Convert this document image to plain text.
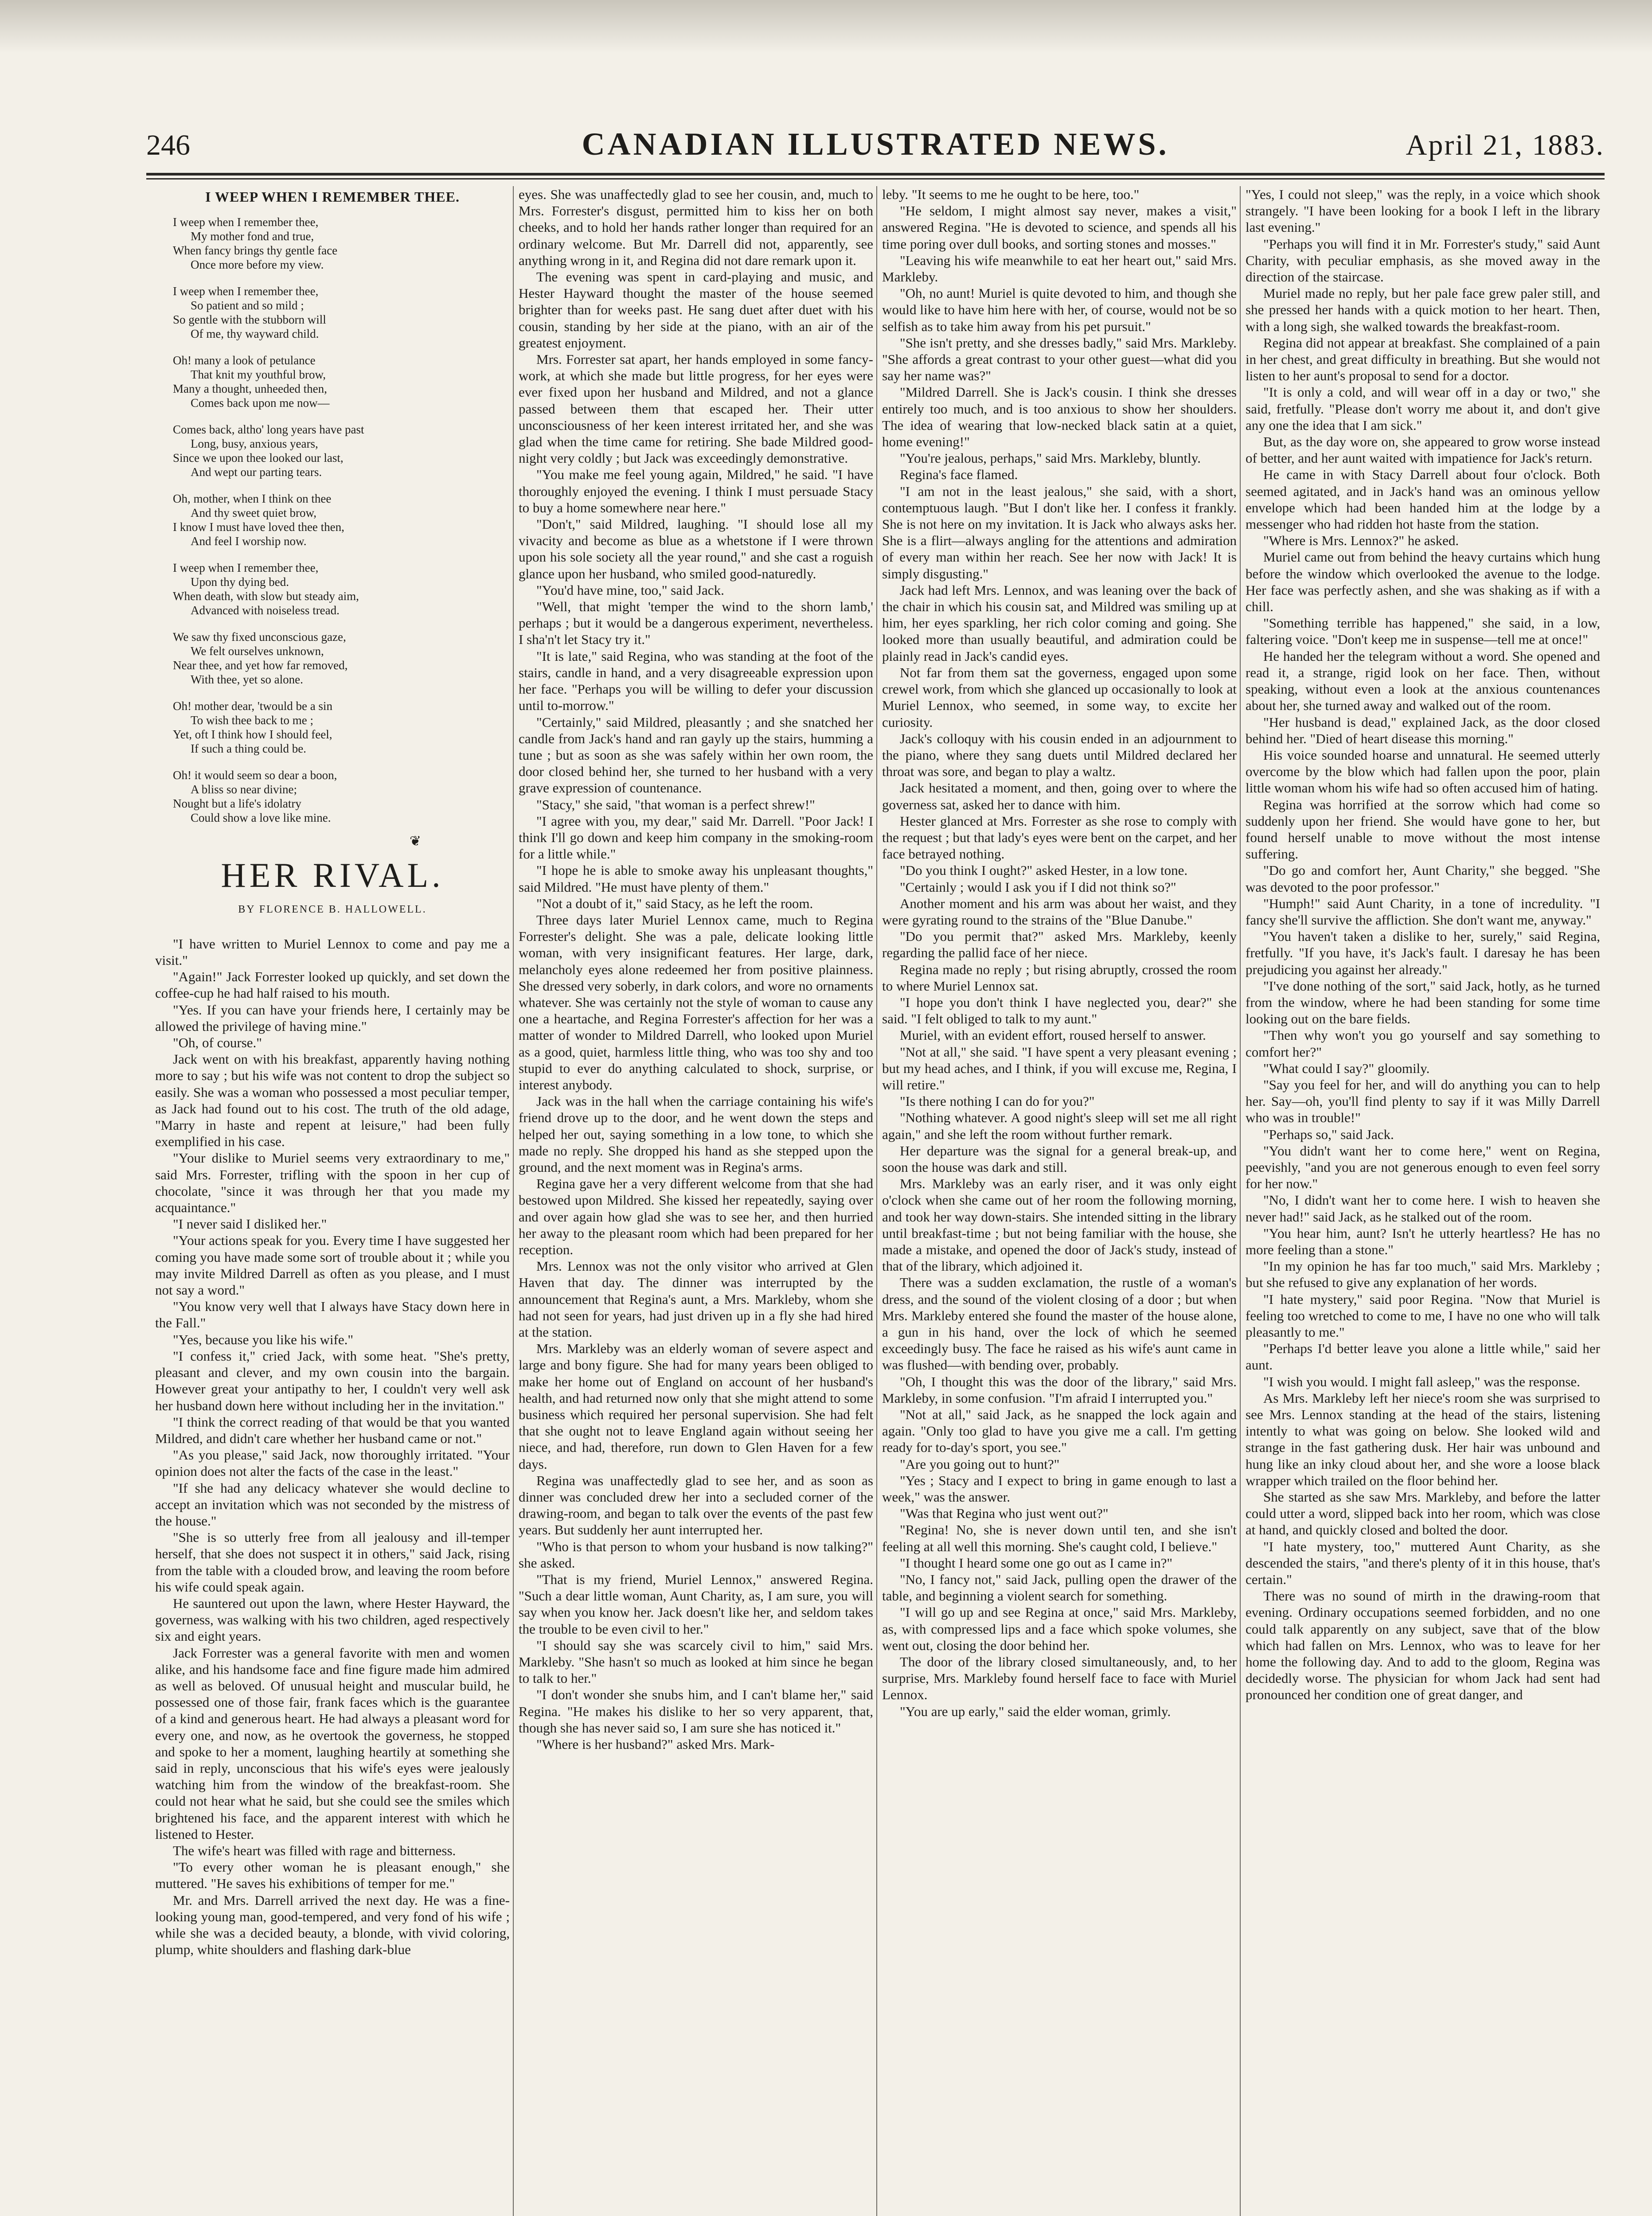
246	CANADIAN ILLUSTRATED NEWS.	April 21, 1883.
I WEEP WHEN I REMEMBER THEE.
I weep when I remember thee,
My mother fond and true,
When fancy brings thy gentle face
Once more before my view.
I weep when I remember thee,
So patient and so mild ;
So gentle with the stubborn will
Of me, thy wayward child.
Oh! many a look of petulance
That knit my youthful brow,
Many a thought, unheeded then,
Comes back upon me now—
Comes back, altho' long years have past
Long, busy, anxious years,
Since we upon thee looked our last,
And wept our parting tears.
Oh, mother, when I think on thee
And thy sweet quiet brow,
I know I must have loved thee then,
And feel I worship now.
I weep when I remember thee,
Upon thy dying bed.
When death, with slow but steady aim,
Advanced with noiseless tread.
We saw thy fixed unconscious gaze,
We felt ourselves unknown,
Near thee, and yet how far removed,
With thee, yet so alone.
Oh! mother dear, 'twould be a sin
To wish thee back to me ;
Yet, oft I think how I should feel,
If such a thing could be.
Oh! it would seem so dear a boon,
A bliss so near divine;
Nought but a life's idolatry
Could show a love like mine.
❦
HER RIVAL.
BY FLORENCE B. HALLOWELL.

"I have written to Muriel Lennox to come and pay me a visit."

"Again!" Jack Forrester looked up quickly, and set down the coffee-cup he had half raised to his mouth.

"Yes. If you can have your friends here, I certainly may be allowed the privilege of having mine."

"Oh, of course."

Jack went on with his breakfast, apparently having nothing more to say ; but his wife was not content to drop the subject so easily. She was a woman who possessed a most peculiar temper, as Jack had found out to his cost. The truth of the old adage, "Marry in haste and repent at leisure," had been fully exemplified in his case.

"Your dislike to Muriel seems very extraordinary to me," said Mrs. Forrester, trifling with the spoon in her cup of chocolate, "since it was through her that you made my acquaintance."

"I never said I disliked her."

"Your actions speak for you. Every time I have suggested her coming you have made some sort of trouble about it ; while you may invite Mildred Darrell as often as you please, and I must not say a word."

"You know very well that I always have Stacy down here in the Fall."

"Yes, because you like his wife."

"I confess it," cried Jack, with some heat. "She's pretty, pleasant and clever, and my own cousin into the bargain. However great your antipathy to her, I couldn't very well ask her husband down here without including her in the invitation."

"I think the correct reading of that would be that you wanted Mildred, and didn't care whether her husband came or not."

"As you please," said Jack, now thoroughly irritated. "Your opinion does not alter the facts of the case in the least."

"If she had any delicacy whatever she would decline to accept an invitation which was not seconded by the mistress of the house."

"She is so utterly free from all jealousy and ill-temper herself, that she does not suspect it in others," said Jack, rising from the table with a clouded brow, and leaving the room before his wife could speak again.

He sauntered out upon the lawn, where Hester Hayward, the governess, was walking with his two children, aged respectively six and eight years.

Jack Forrester was a general favorite with men and women alike, and his handsome face and fine figure made him admired as well as beloved. Of unusual height and muscular build, he possessed one of those fair, frank faces which is the guarantee of a kind and generous heart. He had always a pleasant word for every one, and now, as he overtook the governess, he stopped and spoke to her a moment, laughing heartily at something she said in reply, unconscious that his wife's eyes were jealously watching him from the window of the breakfast-room. She could not hear what he said, but she could see the smiles which brightened his face, and the apparent interest with which he listened to Hester.

The wife's heart was filled with rage and bitterness.

"To every other woman he is pleasant enough," she muttered. "He saves his exhibitions of temper for me."

Mr. and Mrs. Darrell arrived the next day. He was a fine-looking young man, good-tempered, and very fond of his wife ; while she was a decided beauty, a blonde, with vivid coloring, plump, white shoulders and flashing dark-blue

eyes. She was unaffectedly glad to see her cousin, and, much to Mrs. Forrester's disgust, permitted him to kiss her on both cheeks, and to hold her hands rather longer than required for an ordinary welcome. But Mr. Darrell did not, apparently, see anything wrong in it, and Regina did not dare remark upon it.

The evening was spent in card-playing and music, and Hester Hayward thought the master of the house seemed brighter than for weeks past. He sang duet after duet with his cousin, standing by her side at the piano, with an air of the greatest enjoyment.

Mrs. Forrester sat apart, her hands employed in some fancy-work, at which she made but little progress, for her eyes were ever fixed upon her husband and Mildred, and not a glance passed between them that escaped her. Their utter unconsciousness of her keen interest irritated her, and she was glad when the time came for retiring. She bade Mildred good-night very coldly ; but Jack was exceedingly demonstrative.

"You make me feel young again, Mildred," he said. "I have thoroughly enjoyed the evening. I think I must persuade Stacy to buy a home somewhere near here."

"Don't," said Mildred, laughing. "I should lose all my vivacity and become as blue as a whetstone if I were thrown upon his sole society all the year round," and she cast a roguish glance upon her husband, who smiled good-naturedly.

"You'd have mine, too," said Jack.

"Well, that might 'temper the wind to the shorn lamb,' perhaps ; but it would be a dangerous experiment, nevertheless. I sha'n't let Stacy try it."

"It is late," said Regina, who was standing at the foot of the stairs, candle in hand, and a very disagreeable expression upon her face. "Perhaps you will be willing to defer your discussion until to-morrow."

"Certainly," said Mildred, pleasantly ; and she snatched her candle from Jack's hand and ran gayly up the stairs, humming a tune ; but as soon as she was safely within her own room, the door closed behind her, she turned to her husband with a very grave expression of countenance.

"Stacy," she said, "that woman is a perfect shrew!"

"I agree with you, my dear," said Mr. Darrell. "Poor Jack! I think I'll go down and keep him company in the smoking-room for a little while."

"I hope he is able to smoke away his unpleasant thoughts," said Mildred. "He must have plenty of them."

"Not a doubt of it," said Stacy, as he left the room.

Three days later Muriel Lennox came, much to Regina Forrester's delight. She was a pale, delicate looking little woman, with very insignificant features. Her large, dark, melancholy eyes alone redeemed her from positive plainness. She dressed very soberly, in dark colors, and wore no ornaments whatever. She was certainly not the style of woman to cause any one a heartache, and Regina Forrester's affection for her was a matter of wonder to Mildred Darrell, who looked upon Muriel as a good, quiet, harmless little thing, who was too shy and too stupid to ever do anything calculated to shock, surprise, or interest anybody.

Jack was in the hall when the carriage containing his wife's friend drove up to the door, and he went down the steps and helped her out, saying something in a low tone, to which she made no reply. She dropped his hand as she stepped upon the ground, and the next moment was in Regina's arms.

Regina gave her a very different welcome from that she had bestowed upon Mildred. She kissed her repeatedly, saying over and over again how glad she was to see her, and then hurried her away to the pleasant room which had been prepared for her reception.

Mrs. Lennox was not the only visitor who arrived at Glen Haven that day. The dinner was interrupted by the announcement that Regina's aunt, a Mrs. Markleby, whom she had not seen for years, had just driven up in a fly she had hired at the station.

Mrs. Markleby was an elderly woman of severe aspect and large and bony figure. She had for many years been obliged to make her home out of England on account of her husband's health, and had returned now only that she might attend to some business which required her personal supervision. She had felt that she ought not to leave England again without seeing her niece, and had, therefore, run down to Glen Haven for a few days.

Regina was unaffectedly glad to see her, and as soon as dinner was concluded drew her into a secluded corner of the drawing-room, and began to talk over the events of the past few years. But suddenly her aunt interrupted her.

"Who is that person to whom your husband is now talking?" she asked.

"That is my friend, Muriel Lennox," answered Regina. "Such a dear little woman, Aunt Charity, as, I am sure, you will say when you know her. Jack doesn't like her, and seldom takes the trouble to be even civil to her."

"I should say she was scarcely civil to him," said Mrs. Markleby. "She hasn't so much as looked at him since he began to talk to her."

"I don't wonder she snubs him, and I can't blame her," said Regina. "He makes his dislike to her so very apparent, that, though she has never said so, I am sure she has noticed it."

"Where is her husband?" asked Mrs. Mark-

leby. "It seems to me he ought to be here, too."

"He seldom, I might almost say never, makes a visit," answered Regina. "He is devoted to science, and spends all his time poring over dull books, and sorting stones and mosses."

"Leaving his wife meanwhile to eat her heart out," said Mrs. Markleby.

"Oh, no aunt! Muriel is quite devoted to him, and though she would like to have him here with her, of course, would not be so selfish as to take him away from his pet pursuit."

"She isn't pretty, and she dresses badly," said Mrs. Markleby. "She affords a great contrast to your other guest—what did you say her name was?"

"Mildred Darrell. She is Jack's cousin. I think she dresses entirely too much, and is too anxious to show her shoulders. The idea of wearing that low-necked black satin at a quiet, home evening!"

"You're jealous, perhaps," said Mrs. Markleby, bluntly.

Regina's face flamed.

"I am not in the least jealous," she said, with a short, contemptuous laugh. "But I don't like her. I confess it frankly. She is not here on my invitation. It is Jack who always asks her. She is a flirt—always angling for the attentions and admiration of every man within her reach. See her now with Jack! It is simply disgusting."

Jack had left Mrs. Lennox, and was leaning over the back of the chair in which his cousin sat, and Mildred was smiling up at him, her eyes sparkling, her rich color coming and going. She looked more than usually beautiful, and admiration could be plainly read in Jack's candid eyes.

Not far from them sat the governess, engaged upon some crewel work, from which she glanced up occasionally to look at Muriel Lennox, who seemed, in some way, to excite her curiosity.

Jack's colloquy with his cousin ended in an adjournment to the piano, where they sang duets until Mildred declared her throat was sore, and began to play a waltz.

Jack hesitated a moment, and then, going over to where the governess sat, asked her to dance with him.

Hester glanced at Mrs. Forrester as she rose to comply with the request ; but that lady's eyes were bent on the carpet, and her face betrayed nothing.

"Do you think I ought?" asked Hester, in a low tone.

"Certainly ; would I ask you if I did not think so?"

Another moment and his arm was about her waist, and they were gyrating round to the strains of the "Blue Danube."

"Do you permit that?" asked Mrs. Markleby, keenly regarding the pallid face of her niece.

Regina made no reply ; but rising abruptly, crossed the room to where Muriel Lennox sat.

"I hope you don't think I have neglected you, dear?" she said. "I felt obliged to talk to my aunt."

Muriel, with an evident effort, roused herself to answer.

"Not at all," she said. "I have spent a very pleasant evening ; but my head aches, and I think, if you will excuse me, Regina, I will retire."

"Is there nothing I can do for you?"

"Nothing whatever. A good night's sleep will set me all right again," and she left the room without further remark.

Her departure was the signal for a general break-up, and soon the house was dark and still.

Mrs. Markleby was an early riser, and it was only eight o'clock when she came out of her room the following morning, and took her way down-stairs. She intended sitting in the library until breakfast-time ; but not being familiar with the house, she made a mistake, and opened the door of Jack's study, instead of that of the library, which adjoined it.

There was a sudden exclamation, the rustle of a woman's dress, and the sound of the violent closing of a door ; but when Mrs. Markleby entered she found the master of the house alone, a gun in his hand, over the lock of which he seemed exceedingly busy. The face he raised as his wife's aunt came in was flushed—with bending over, probably.

"Oh, I thought this was the door of the library," said Mrs. Markleby, in some confusion. "I'm afraid I interrupted you."

"Not at all," said Jack, as he snapped the lock again and again. "Only too glad to have you give me a call. I'm getting ready for to-day's sport, you see."

"Are you going out to hunt?"

"Yes ; Stacy and I expect to bring in game enough to last a week," was the answer.

"Was that Regina who just went out?"

"Regina! No, she is never down until ten, and she isn't feeling at all well this morning. She's caught cold, I believe."

"I thought I heard some one go out as I came in?"

"No, I fancy not," said Jack, pulling open the drawer of the table, and beginning a violent search for something.

"I will go up and see Regina at once," said Mrs. Markleby, as, with compressed lips and a face which spoke volumes, she went out, closing the door behind her.

The door of the library closed simultaneously, and, to her surprise, Mrs. Markleby found herself face to face with Muriel Lennox.

"You are up early," said the elder woman, grimly.

"Yes, I could not sleep," was the reply, in a voice which shook strangely. "I have been looking for a book I left in the library last evening."

"Perhaps you will find it in Mr. Forrester's study," said Aunt Charity, with peculiar emphasis, as she moved away in the direction of the staircase.

Muriel made no reply, but her pale face grew paler still, and she pressed her hands with a quick motion to her heart. Then, with a long sigh, she walked towards the breakfast-room.

Regina did not appear at breakfast. She complained of a pain in her chest, and great difficulty in breathing. But she would not listen to her aunt's proposal to send for a doctor.

"It is only a cold, and will wear off in a day or two," she said, fretfully. "Please don't worry me about it, and don't give any one the idea that I am sick."

But, as the day wore on, she appeared to grow worse instead of better, and her aunt waited with impatience for Jack's return.

He came in with Stacy Darrell about four o'clock. Both seemed agitated, and in Jack's hand was an ominous yellow envelope which had been handed him at the lodge by a messenger who had ridden hot haste from the station.

"Where is Mrs. Lennox?" he asked.

Muriel came out from behind the heavy curtains which hung before the window which overlooked the avenue to the lodge. Her face was perfectly ashen, and she was shaking as if with a chill.

"Something terrible has happened," she said, in a low, faltering voice. "Don't keep me in suspense—tell me at once!"

He handed her the telegram without a word. She opened and read it, a strange, rigid look on her face. Then, without speaking, without even a look at the anxious countenances about her, she turned away and walked out of the room.

"Her husband is dead," explained Jack, as the door closed behind her. "Died of heart disease this morning."

His voice sounded hoarse and unnatural. He seemed utterly overcome by the blow which had fallen upon the poor, plain little woman whom his wife had so often accused him of hating.

Regina was horrified at the sorrow which had come so suddenly upon her friend. She would have gone to her, but found herself unable to move without the most intense suffering.

"Do go and comfort her, Aunt Charity," she begged. "She was devoted to the poor professor."

"Humph!" said Aunt Charity, in a tone of incredulity. "I fancy she'll survive the affliction. She don't want me, anyway."

"You haven't taken a dislike to her, surely," said Regina, fretfully. "If you have, it's Jack's fault. I daresay he has been prejudicing you against her already."

"I've done nothing of the sort," said Jack, hotly, as he turned from the window, where he had been standing for some time looking out on the bare fields.

"Then why won't you go yourself and say something to comfort her?"

"What could I say?" gloomily.

"Say you feel for her, and will do anything you can to help her. Say—oh, you'll find plenty to say if it was Milly Darrell who was in trouble!"

"Perhaps so," said Jack.

"You didn't want her to come here," went on Regina, peevishly, "and you are not generous enough to even feel sorry for her now."

"No, I didn't want her to come here. I wish to heaven she never had!" said Jack, as he stalked out of the room.

"You hear him, aunt? Isn't he utterly heartless? He has no more feeling than a stone."

"In my opinion he has far too much," said Mrs. Markleby ; but she refused to give any explanation of her words.

"I hate mystery," said poor Regina. "Now that Muriel is feeling too wretched to come to me, I have no one who will talk pleasantly to me."

"Perhaps I'd better leave you alone a little while," said her aunt.

"I wish you would. I might fall asleep," was the response.

As Mrs. Markleby left her niece's room she was surprised to see Mrs. Lennox standing at the head of the stairs, listening intently to what was going on below. She looked wild and strange in the fast gathering dusk. Her hair was unbound and hung like an inky cloud about her, and she wore a loose black wrapper which trailed on the floor behind her.

She started as she saw Mrs. Markleby, and before the latter could utter a word, slipped back into her room, which was close at hand, and quickly closed and bolted the door.

"I hate mystery, too," muttered Aunt Charity, as she descended the stairs, "and there's plenty of it in this house, that's certain."

There was no sound of mirth in the drawing-room that evening. Ordinary occupations seemed forbidden, and no one could talk apparently on any subject, save that of the blow which had fallen on Mrs. Lennox, who was to leave for her home the following day. And to add to the gloom, Regina was decidedly worse. The physician for whom Jack had sent had pronounced her condition one of great danger, and
